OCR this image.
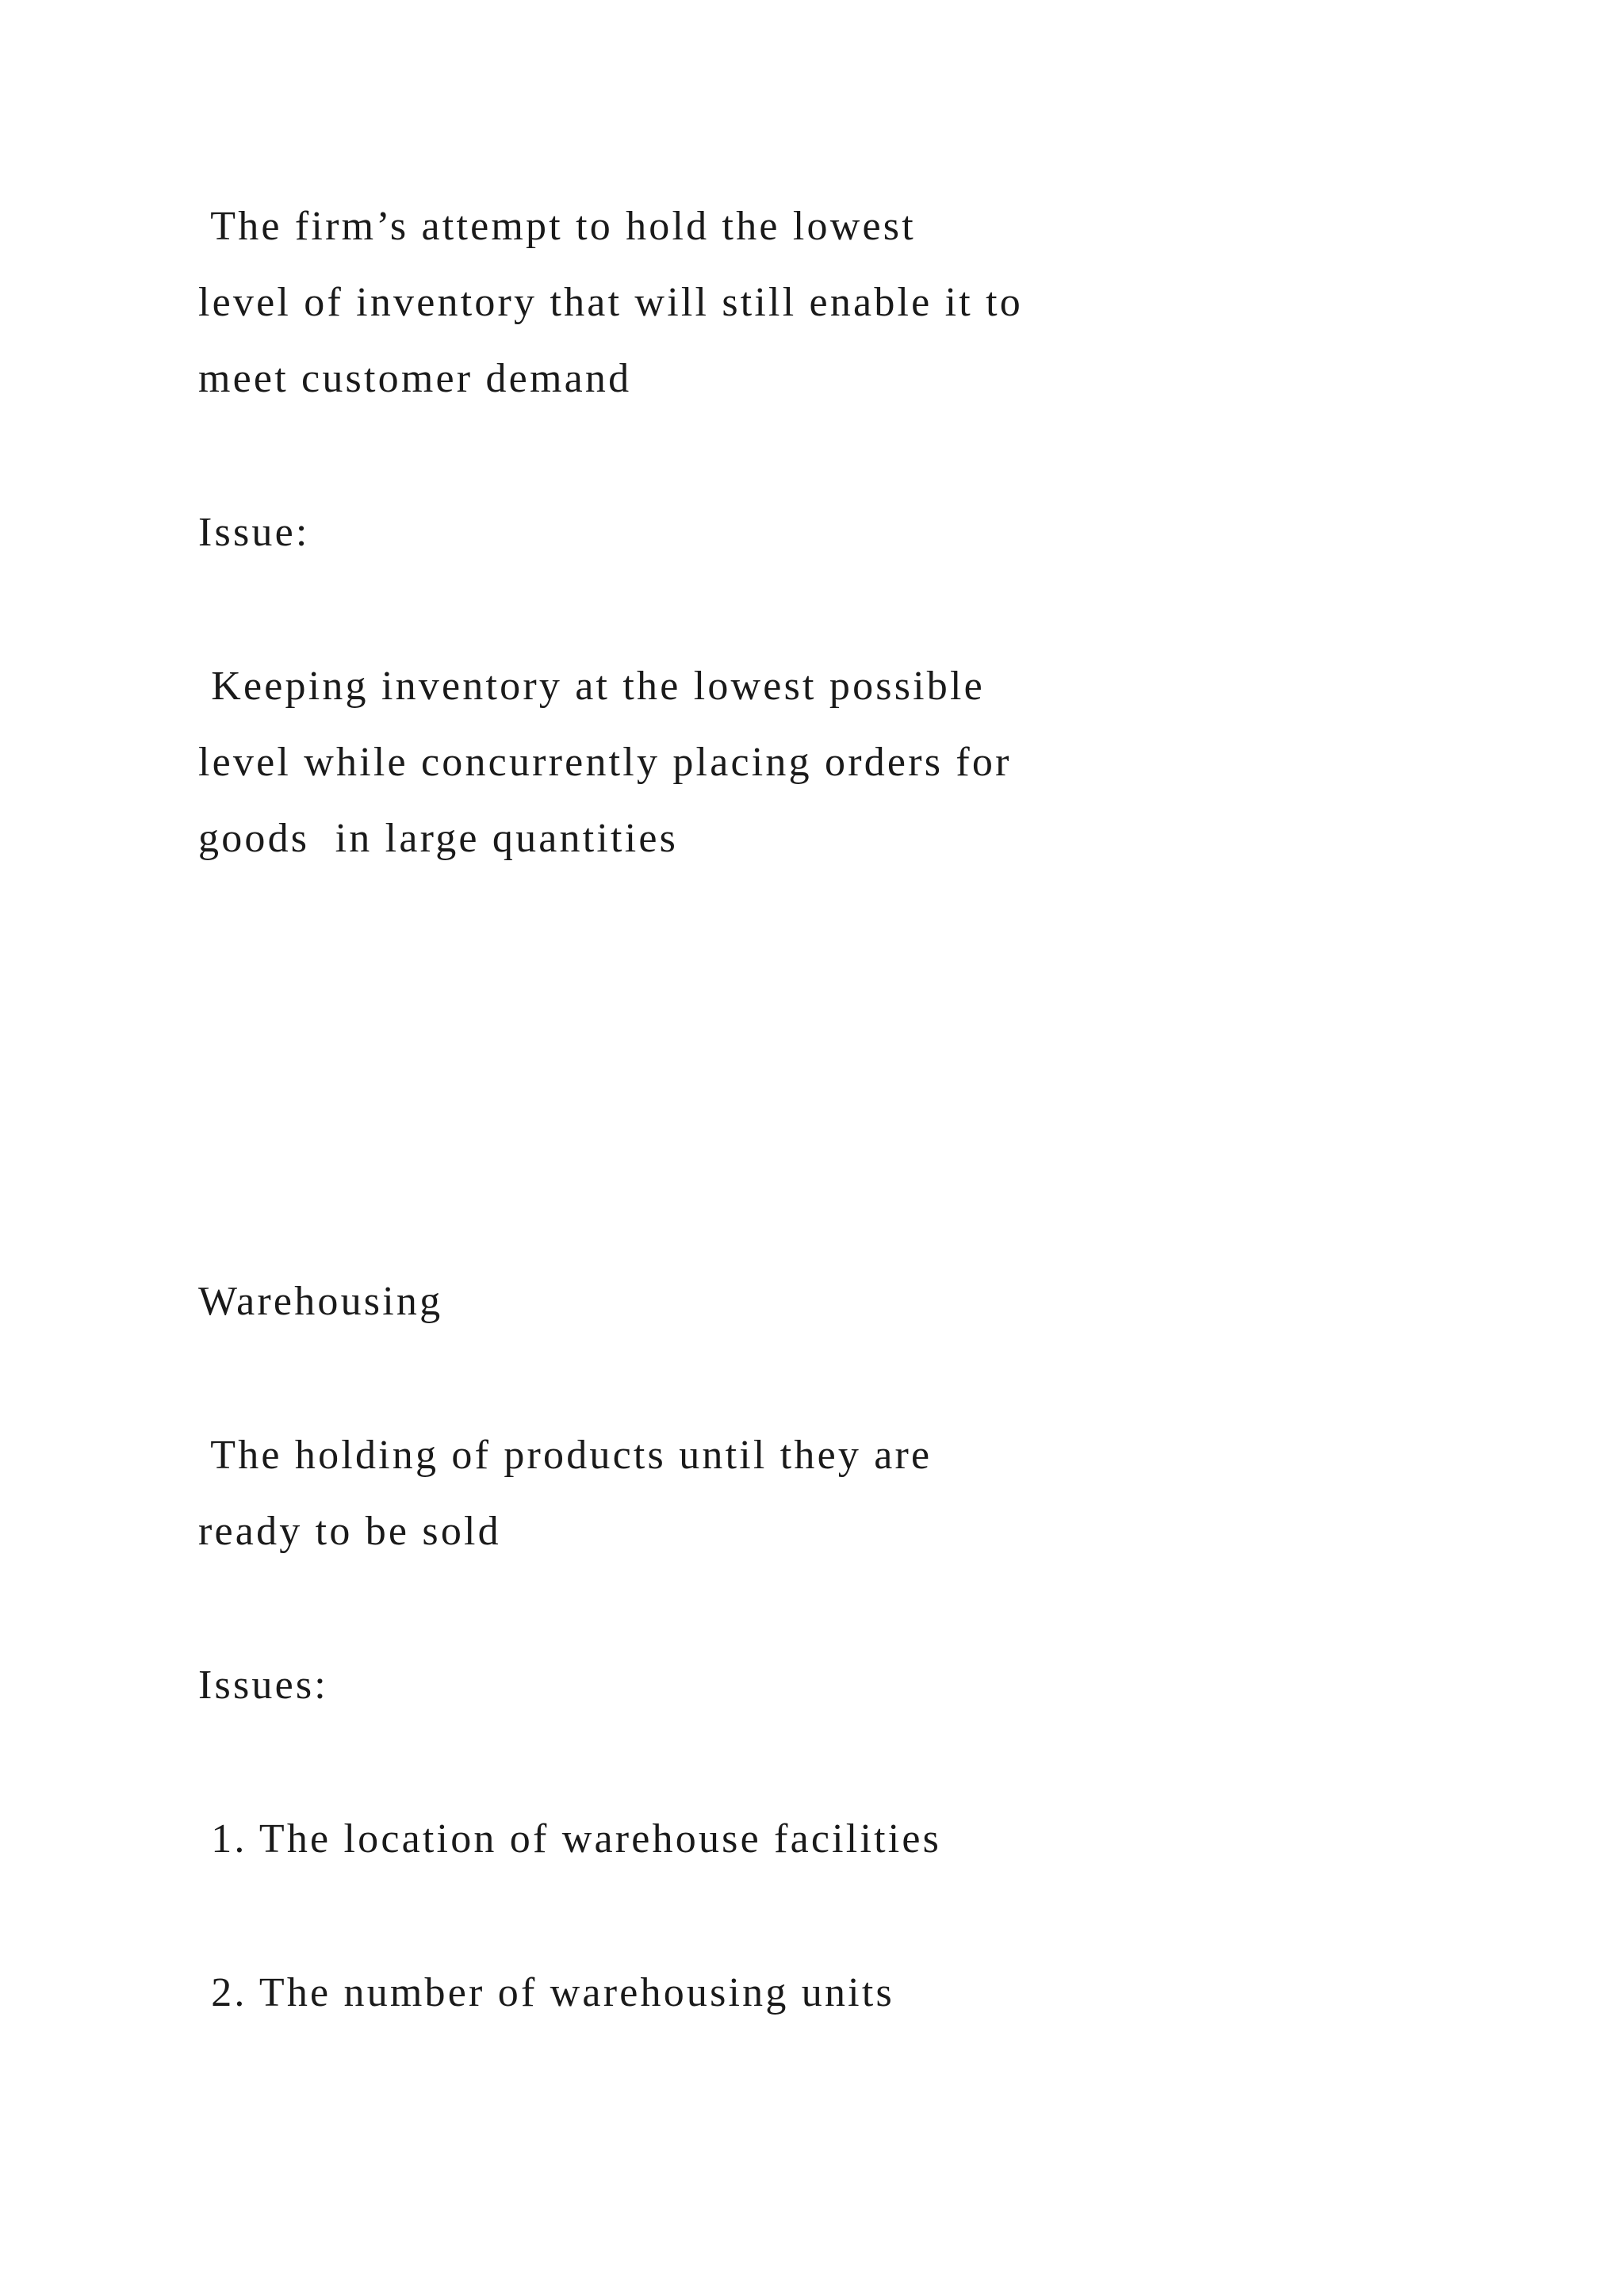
The firm’s attempt to hold the lowest
level of inventory that will still enable it to
meet customer demand
Issue:
Keeping inventory at the lowest possible
level while concurrently placing orders for
goods  in large quantities
Warehousing
The holding of products until they are
ready to be sold
Issues:
1. The location of warehouse facilities
2. The number of warehousing units
